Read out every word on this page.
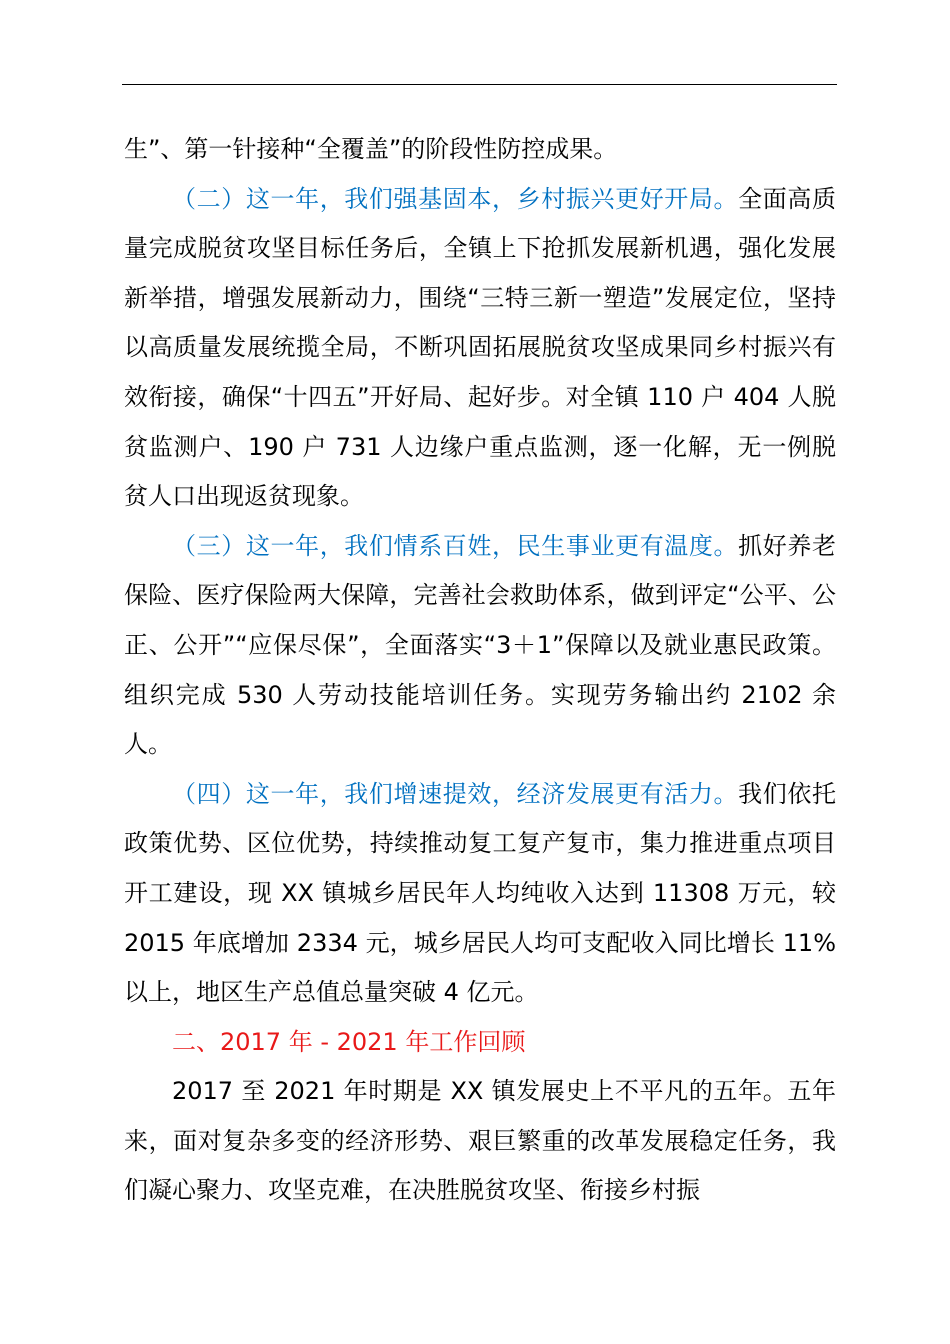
生”、第一针接种“全覆盖”的阶段性防控成果。

（二）这一年，我们强基固本，乡村振兴更好开局。全面高质量完成脱贫攻坚目标任务后，全镇上下抢抓发展新机遇，强化发展新举措，增强发展新动力，围绕“三特三新一塑造”发展定位，坚持以高质量发展统揽全局，不断巩固拓展脱贫攻坚成果同乡村振兴有效衔接，确保“十四五”开好局、起好步。对全镇 110 户 404 人脱贫监测户、190 户 731 人边缘户重点监测，逐一化解，无一例脱贫人口出现返贫现象。

（三）这一年，我们情系百姓，民生事业更有温度。抓好养老保险、医疗保险两大保障，完善社会救助体系，做到评定“公平、公正、公开”“应保尽保”，全面落实“3＋1”保障以及就业惠民政策。组织完成 530 人劳动技能培训任务。实现劳务输出约 2102 余人。

（四）这一年，我们增速提效，经济发展更有活力。我们依托政策优势、区位优势，持续推动复工复产复市，集力推进重点项目开工建设，现 XX 镇城乡居民年人均纯收入达到 11308 万元，较 2015 年底增加 2334 元，城乡居民人均可支配收入同比增长 11%以上，地区生产总值总量突破 4 亿元。

二、2017 年 - 2021 年工作回顾

2017 至 2021 年时期是 XX 镇发展史上不平凡的五年。五年来，面对复杂多变的经济形势、艰巨繁重的改革发展稳定任务，我们凝心聚力、攻坚克难，在决胜脱贫攻坚、衔接乡村振
